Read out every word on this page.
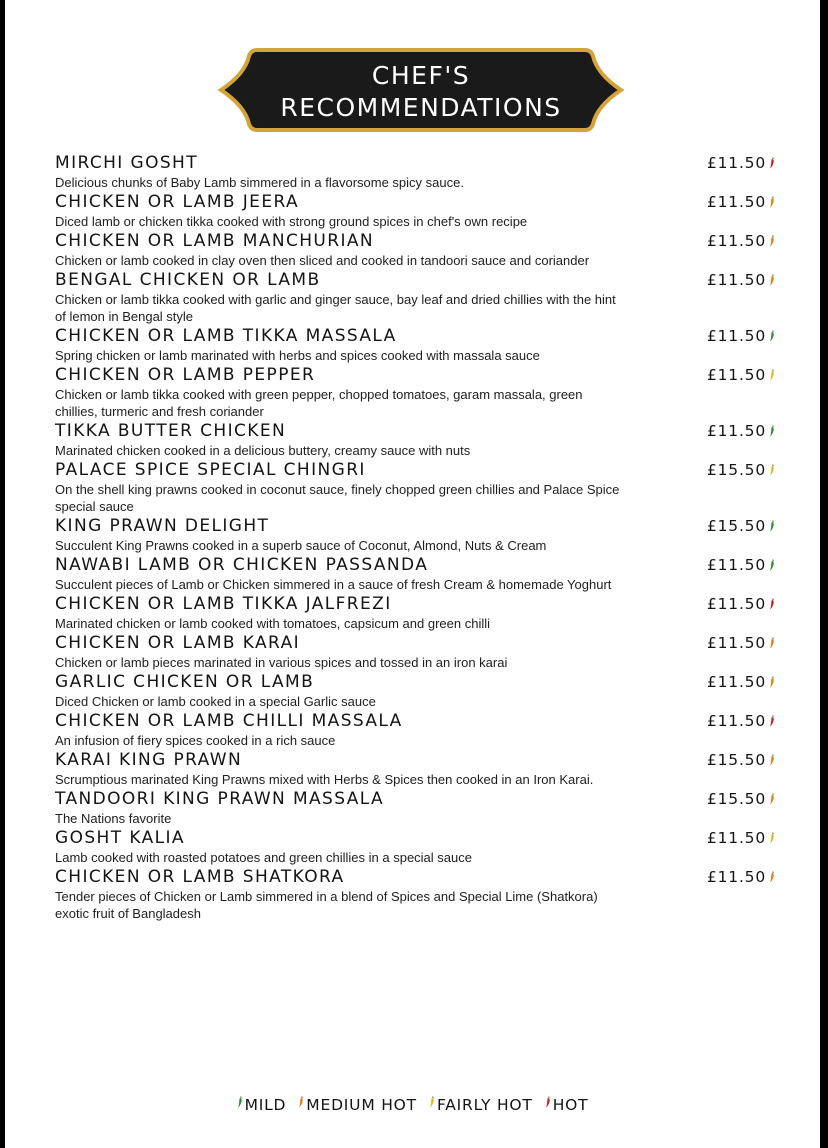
CHEF'S
RECOMMENDATIONS
MIRCHI GOSHT
Delicious chunks of Baby Lamb simmered in a flavorsome spicy sauce.
£11.50
CHICKEN OR LAMB JEERA
Diced lamb or chicken tikka cooked with strong ground spices in chef's own recipe
£11.50
CHICKEN OR LAMB MANCHURIAN
Chicken or lamb cooked in clay oven then sliced and cooked in tandoori sauce and coriander
£11.50
BENGAL CHICKEN OR LAMB
Chicken or lamb tikka cooked with garlic and ginger sauce, bay leaf and dried chillies with the hint of lemon in Bengal style
£11.50
CHICKEN OR LAMB TIKKA MASSALA
Spring chicken or lamb marinated with herbs and spices cooked with massala sauce
£11.50
CHICKEN OR LAMB PEPPER
Chicken or lamb tikka cooked with green pepper, chopped tomatoes, garam massala, green chillies, turmeric and fresh coriander
£11.50
TIKKA BUTTER CHICKEN
Marinated chicken cooked in a delicious buttery, creamy sauce with nuts
£11.50
PALACE SPICE SPECIAL CHINGRI
On the shell king prawns cooked in coconut sauce, finely chopped green chillies and Palace Spice special sauce
£15.50
KING PRAWN DELIGHT
Succulent King Prawns cooked in a superb sauce of Coconut, Almond, Nuts & Cream
£15.50
NAWABI LAMB OR CHICKEN PASSANDA
Succulent pieces of Lamb or Chicken simmered in a sauce of fresh Cream & homemade Yoghurt
£11.50
CHICKEN OR LAMB TIKKA JALFREZI
Marinated chicken or lamb cooked with tomatoes, capsicum and green chilli
£11.50
CHICKEN OR LAMB KARAI
Chicken or lamb pieces marinated in various spices and tossed in an iron karai
£11.50
GARLIC CHICKEN OR LAMB
Diced Chicken or lamb cooked in a special Garlic sauce
£11.50
CHICKEN OR LAMB CHILLI MASSALA
An infusion of fiery spices cooked in a rich sauce
£11.50
KARAI KING PRAWN
Scrumptious marinated King Prawns mixed with Herbs & Spices then cooked in an Iron Karai.
£15.50
TANDOORI KING PRAWN MASSALA
The Nations favorite
£15.50
GOSHT KALIA
Lamb cooked with roasted potatoes and green chillies in a special sauce
£11.50
CHICKEN OR LAMB SHATKORA
Tender pieces of Chicken or Lamb simmered in a blend of Spices and Special Lime (Shatkora) exotic fruit of Bangladesh
£11.50
MILD MEDIUM HOT FAIRLY HOT HOT
